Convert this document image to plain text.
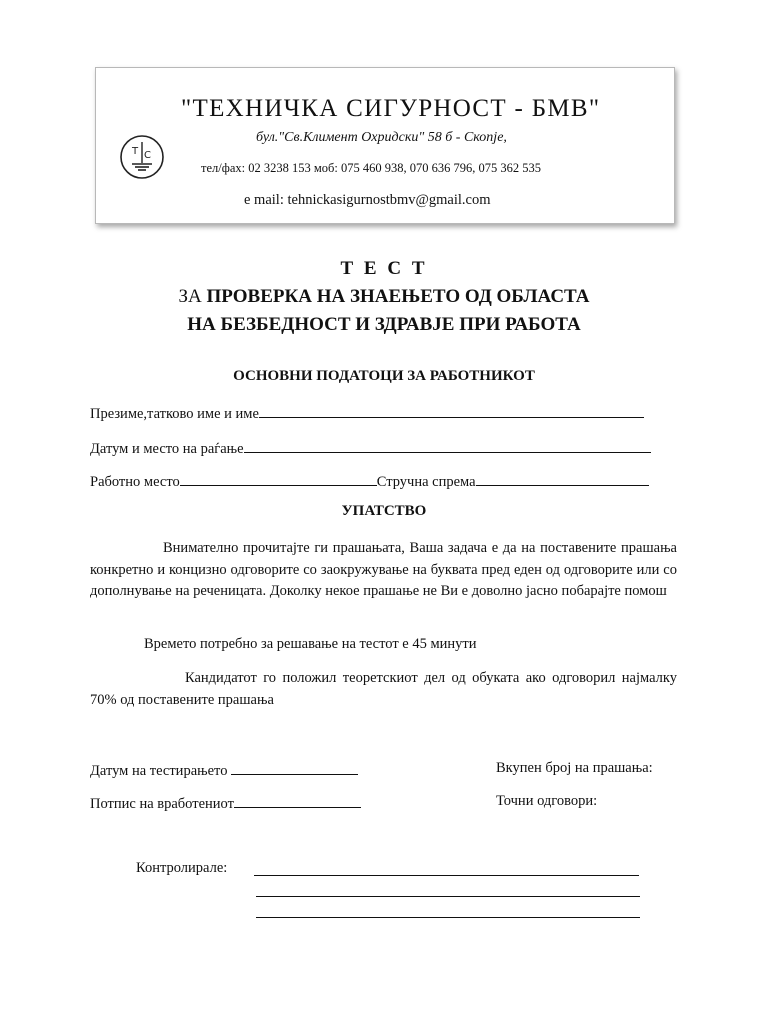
"ТЕХНИЧКА СИГУРНОСТ - БМВ"
бул."Св.Климент Охридски" 58 б - Скопје,
тел/фах: 02 3238 153 моб: 075 460 938, 070 636 796, 075 362 535
e mail: tehnickasigurnostbmv@gmail.com
T C
Т Е С Т
ЗА ПРОВЕРКА НА ЗНАЕЊЕТО ОД ОБЛАСТА
НА БЕЗБЕДНОСТ И ЗДРАВЈЕ ПРИ РАБОТА
ОСНОВНИ ПОДАТОЦИ ЗА РАБОТНИКОТ
Презиме,татково име и име
Датум и место на раѓање
Работно место	Стручна спрема
УПАТСТВО

Внимателно прочитајте ги прашањата, Ваша задача е да на поставените прашања конкретно и концизно одговорите со заокружување на буквата пред еден од одговорите или со дополнување на реченицата. Доколку некое прашање не Ви е доволно јасно побарајте помош

Времето потребно за решавање на тестот е 45 минути

Кандидатот го положил теоретскиот дел од обуката ако одговорил најмалку 70% од поставените прашања

Датум на тестирањето	Вкупен број на прашања:
Потпис на вработениот	Точни одговори:
Контролирале:
